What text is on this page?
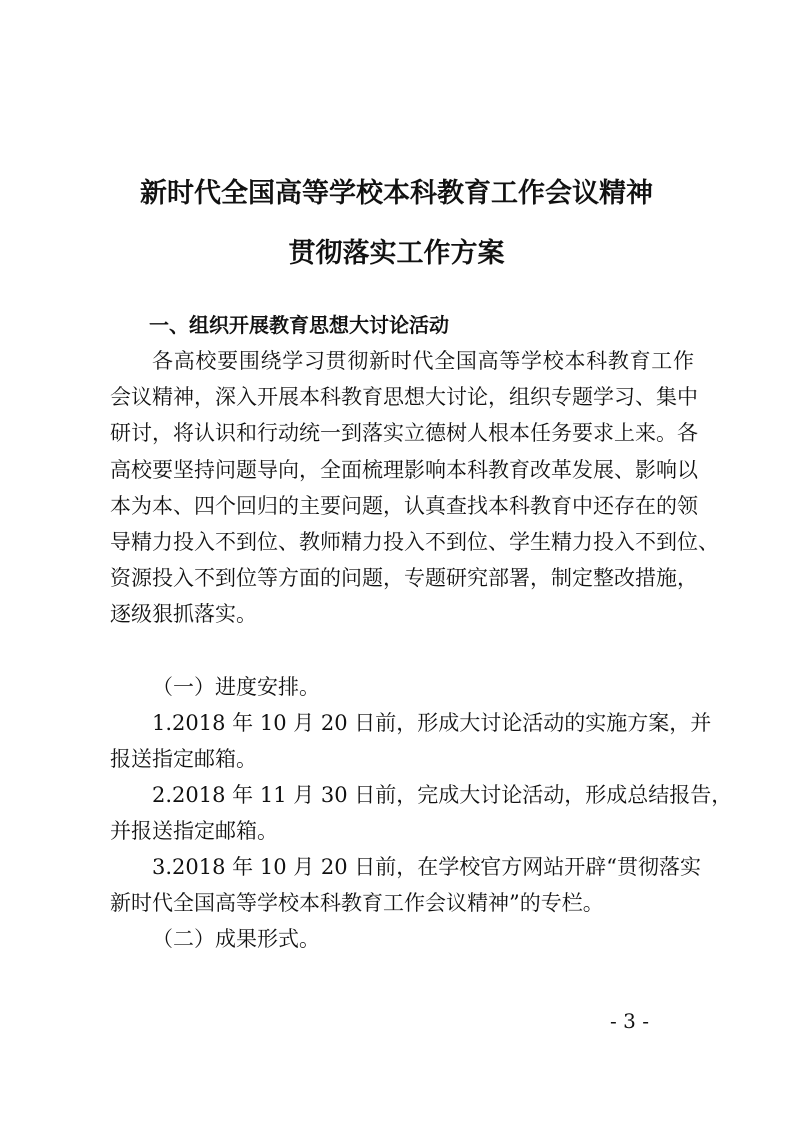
新时代全国高等学校本科教育工作会议精神
贯彻落实工作方案
一、组织开展教育思想大讨论活动
各高校要围绕学习贯彻新时代全国高等学校本科教育工作
会议精神，深入开展本科教育思想大讨论，组织专题学习、集中
研讨，将认识和行动统一到落实立德树人根本任务要求上来。各
高校要坚持问题导向，全面梳理影响本科教育改革发展、影响以
本为本、四个回归的主要问题，认真查找本科教育中还存在的领
导精力投入不到位、教师精力投入不到位、学生精力投入不到位、
资源投入不到位等方面的问题，专题研究部署，制定整改措施，
逐级狠抓落实。
（一）进度安排。
1.2018 年 10 月 20 日前，形成大讨论活动的实施方案，并
报送指定邮箱。
2.2018 年 11 月 30 日前，完成大讨论活动，形成总结报告，
并报送指定邮箱。
3.2018 年 10 月 20 日前，在学校官方网站开辟“贯彻落实
新时代全国高等学校本科教育工作会议精神”的专栏。
（二）成果形式。
- 3 -
